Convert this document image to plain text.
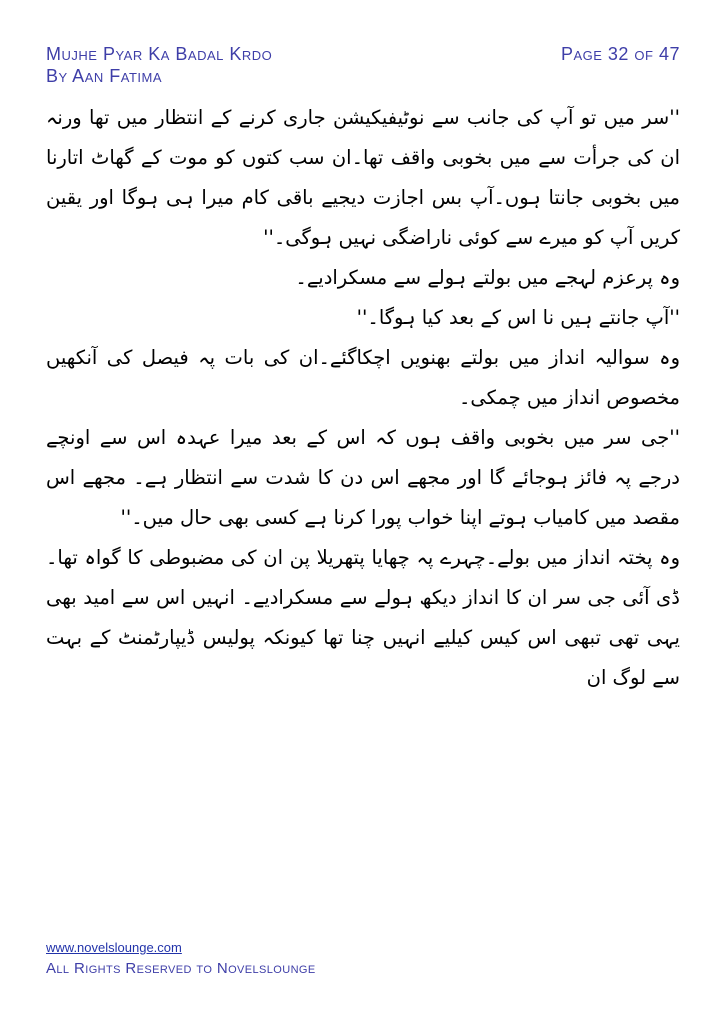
Mujhe Pyar Ka Badal Krdo
By Aan Fatima
Page 32 of 47

''سر میں تو آپ کی جانب سے نوٹیفیکیشن جاری کرنے کے انتظار میں تھا ورنہ ان کی جرأت سے میں بخوبی واقف تھا۔ان سب کتوں کو موت کے گھاٹ اتارنا میں بخوبی جانتا ہوں۔آپ بس اجازت دیجیے باقی کام میرا ہی ہوگا اور یقین کریں آپ کو میرے سے کوئی ناراضگی نہیں ہوگی۔''

وہ پرعزم لہجے میں بولتے ہولے سے مسکرادیے۔

''آپ جانتے ہیں نا اس کے بعد کیا ہوگا۔''

وہ سوالیہ انداز میں بولتے بھنویں اچکاگئے۔ان کی بات پہ فیصل کی آنکھیں مخصوص انداز میں چمکی۔

''جی سر میں بخوبی واقف ہوں کہ اس کے بعد میرا عہدہ اس سے اونچے درجے پہ فائز ہوجائے گا اور مجھے اس دن کا شدت سے انتظار ہے۔ مجھے اس مقصد میں کامیاب ہوتے اپنا خواب پورا کرنا ہے کسی بھی حال میں۔''

وہ پختہ انداز میں بولے۔چہرے پہ چھایا پتھریلا پن ان کی مضبوطی کا گواہ تھا۔ ڈی آئی جی سر ان کا انداز دیکھ ہولے سے مسکرادیے۔ انہیں اس سے امید بھی یہی تھی تبھی اس کیس کیلیے انہیں چنا تھا کیونکہ پولیس ڈیپارٹمنٹ کے بہت سے لوگ ان

www.novelslounge.com
All Rights Reserved to Novelslounge
